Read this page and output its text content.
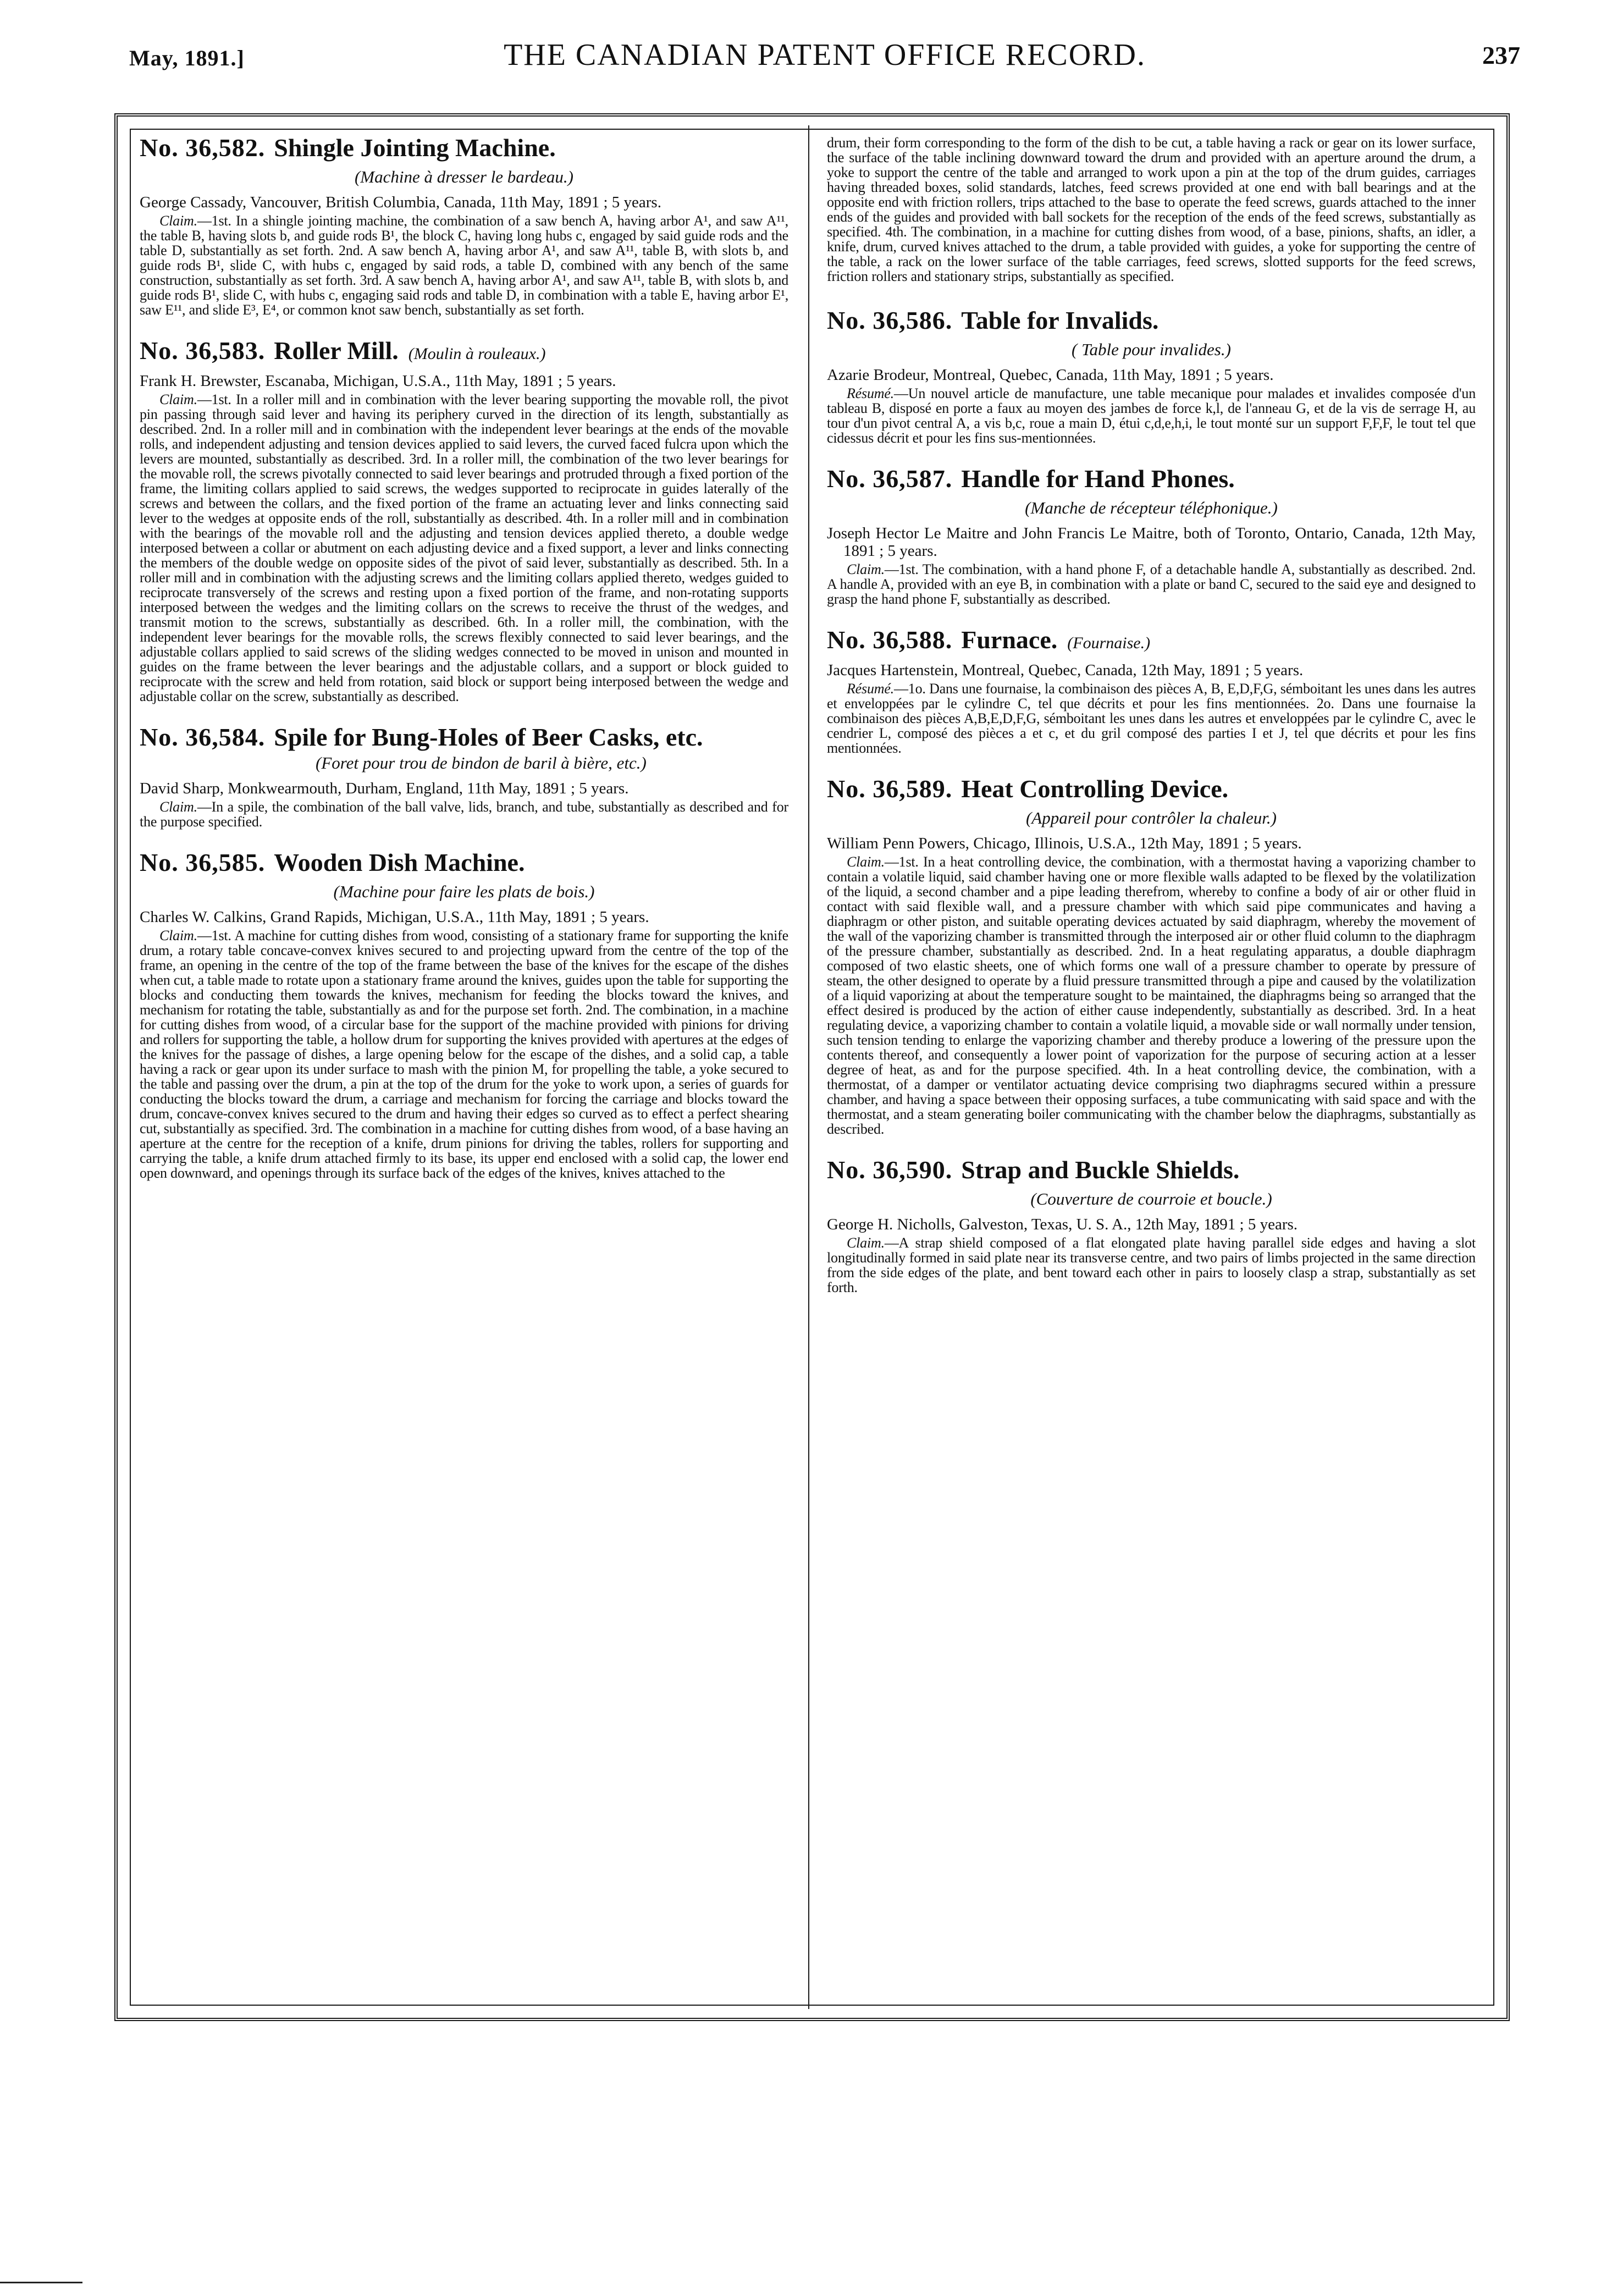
May, 1891.]	THE CANADIAN PATENT OFFICE RECORD.	237

No. 36,582. Shingle Jointing Machine.

(Machine à dresser le bardeau.)

George Cassady, Vancouver, British Columbia, Canada, 11th May, 1891 ; 5 years.

Claim.—1st. In a shingle jointing machine, the combination of a saw bench A, having arbor A¹, and saw A¹¹, the table B, having slots b, and guide rods B¹, the block C, having long hubs c, engaged by said guide rods and the table D, substantially as set forth. 2nd. A saw bench A, having arbor A¹, and saw A¹¹, table B, with slots b, and guide rods B¹, slide C, with hubs c, engaged by said rods, a table D, combined with any bench of the same construction, substantially as set forth. 3rd. A saw bench A, having arbor A¹, and saw A¹¹, table B, with slots b, and guide rods B¹, slide C, with hubs c, engaging said rods and table D, in combination with a table E, having arbor E¹, saw E¹¹, and slide E³, E⁴, or common knot saw bench, substantially as set forth.

No. 36,583. Roller Mill. (Moulin à rouleaux.)

Frank H. Brewster, Escanaba, Michigan, U.S.A., 11th May, 1891 ; 5 years.

Claim.—1st. In a roller mill and in combination with the lever bearing supporting the movable roll, the pivot pin passing through said lever and having its periphery curved in the direction of its length, substantially as described. 2nd. In a roller mill and in combination with the independent lever bearings at the ends of the movable rolls, and independent adjusting and tension devices applied to said levers, the curved faced fulcra upon which the levers are mounted, substantially as described. 3rd. In a roller mill, the combination of the two lever bearings for the movable roll, the screws pivotally connected to said lever bearings and protruded through a fixed portion of the frame, the limiting collars applied to said screws, the wedges supported to reciprocate in guides laterally of the screws and between the collars, and the fixed portion of the frame an actuating lever and links connecting said lever to the wedges at opposite ends of the roll, substantially as described. 4th. In a roller mill and in combination with the bearings of the movable roll and the adjusting and tension devices applied thereto, a double wedge interposed between a collar or abutment on each adjusting device and a fixed support, a lever and links connecting the members of the double wedge on opposite sides of the pivot of said lever, substantially as described. 5th. In a roller mill and in combination with the adjusting screws and the limiting collars applied thereto, wedges guided to reciprocate transversely of the screws and resting upon a fixed portion of the frame, and non-rotating supports interposed between the wedges and the limiting collars on the screws to receive the thrust of the wedges, and transmit motion to the screws, substantially as described. 6th. In a roller mill, the combination, with the independent lever bearings for the movable rolls, the screws flexibly connected to said lever bearings, and the adjustable collars applied to said screws of the sliding wedges connected to be moved in unison and mounted in guides on the frame between the lever bearings and the adjustable collars, and a support or block guided to reciprocate with the screw and held from rotation, said block or support being interposed between the wedge and adjustable collar on the screw, substantially as described.

No. 36,584. Spile for Bung-Holes of Beer Casks, etc.

(Foret pour trou de bindon de baril à bière, etc.)

David Sharp, Monkwearmouth, Durham, England, 11th May, 1891 ; 5 years.

Claim.—In a spile, the combination of the ball valve, lids, branch, and tube, substantially as described and for the purpose specified.

No. 36,585. Wooden Dish Machine.

(Machine pour faire les plats de bois.)

Charles W. Calkins, Grand Rapids, Michigan, U.S.A., 11th May, 1891 ; 5 years.

Claim.—1st. A machine for cutting dishes from wood, consisting of a stationary frame for supporting the knife drum, a rotary table concave-convex knives secured to and projecting upward from the centre of the top of the frame, an opening in the centre of the top of the frame between the base of the knives for the escape of the dishes when cut, a table made to rotate upon a stationary frame around the knives, guides upon the table for supporting the blocks and conducting them towards the knives, mechanism for feeding the blocks toward the knives, and mechanism for rotating the table, substantially as and for the purpose set forth. 2nd. The combination, in a machine for cutting dishes from wood, of a circular base for the support of the machine provided with pinions for driving and rollers for supporting the table, a hollow drum for supporting the knives provided with apertures at the edges of the knives for the passage of dishes, a large opening below for the escape of the dishes, and a solid cap, a table having a rack or gear upon its under surface to mash with the pinion M, for propelling the table, a yoke secured to the table and passing over the drum, a pin at the top of the drum for the yoke to work upon, a series of guards for conducting the blocks toward the drum, a carriage and mechanism for forcing the carriage and blocks toward the drum, concave-convex knives secured to the drum and having their edges so curved as to effect a perfect shearing cut, substantially as specified. 3rd. The combination in a machine for cutting dishes from wood, of a base having an aperture at the centre for the reception of a knife, drum pinions for driving the tables, rollers for supporting and carrying the table, a knife drum attached firmly to its base, its upper end enclosed with a solid cap, the lower end open downward, and openings through its surface back of the edges of the knives, knives attached to the

drum, their form corresponding to the form of the dish to be cut, a table having a rack or gear on its lower surface, the surface of the table inclining downward toward the drum and provided with an aperture around the drum, a yoke to support the centre of the table and arranged to work upon a pin at the top of the drum guides, carriages having threaded boxes, solid standards, latches, feed screws provided at one end with ball bearings and at the opposite end with friction rollers, trips attached to the base to operate the feed screws, guards attached to the inner ends of the guides and provided with ball sockets for the reception of the ends of the feed screws, substantially as specified. 4th. The combination, in a machine for cutting dishes from wood, of a base, pinions, shafts, an idler, a knife, drum, curved knives attached to the drum, a table provided with guides, a yoke for supporting the centre of the table, a rack on the lower surface of the table carriages, feed screws, slotted supports for the feed screws, friction rollers and stationary strips, substantially as specified.

No. 36,586. Table for Invalids.

( Table pour invalides.)

Azarie Brodeur, Montreal, Quebec, Canada, 11th May, 1891 ; 5 years.

Résumé.—Un nouvel article de manufacture, une table mecanique pour malades et invalides composée d'un tableau B, disposé en porte a faux au moyen des jambes de force k,l, de l'anneau G, et de la vis de serrage H, au tour d'un pivot central A, a vis b,c, roue a main D, étui c,d,e,h,i, le tout monté sur un support F,F,F, le tout tel que cidessus décrit et pour les fins sus-mentionnées.

No. 36,587. Handle for Hand Phones.

(Manche de récepteur téléphonique.)

Joseph Hector Le Maitre and John Francis Le Maitre, both of Toronto, Ontario, Canada, 12th May, 1891 ; 5 years.

Claim.—1st. The combination, with a hand phone F, of a detachable handle A, substantially as described. 2nd. A handle A, provided with an eye B, in combination with a plate or band C, secured to the said eye and designed to grasp the hand phone F, substantially as described.

No. 36,588. Furnace. (Fournaise.)

Jacques Hartenstein, Montreal, Quebec, Canada, 12th May, 1891 ; 5 years.

Résumé.—1o. Dans une fournaise, la combinaison des pièces A, B, E,D,F,G, sémboitant les unes dans les autres et enveloppées par le cylindre C, tel que décrits et pour les fins mentionnées. 2o. Dans une fournaise la combinaison des pièces A,B,E,D,F,G, sémboitant les unes dans les autres et enveloppées par le cylindre C, avec le cendrier L, composé des pièces a et c, et du gril composé des parties I et J, tel que décrits et pour les fins mentionnées.

No. 36,589. Heat Controlling Device.

(Appareil pour contrôler la chaleur.)

William Penn Powers, Chicago, Illinois, U.S.A., 12th May, 1891 ; 5 years.

Claim.—1st. In a heat controlling device, the combination, with a thermostat having a vaporizing chamber to contain a volatile liquid, said chamber having one or more flexible walls adapted to be flexed by the volatilization of the liquid, a second chamber and a pipe leading therefrom, whereby to confine a body of air or other fluid in contact with said flexible wall, and a pressure chamber with which said pipe communicates and having a diaphragm or other piston, and suitable operating devices actuated by said diaphragm, whereby the movement of the wall of the vaporizing chamber is transmitted through the interposed air or other fluid column to the diaphragm of the pressure chamber, substantially as described. 2nd. In a heat regulating apparatus, a double diaphragm composed of two elastic sheets, one of which forms one wall of a pressure chamber to operate by pressure of steam, the other designed to operate by a fluid pressure transmitted through a pipe and caused by the volatilization of a liquid vaporizing at about the temperature sought to be maintained, the diaphragms being so arranged that the effect desired is produced by the action of either cause independently, substantially as described. 3rd. In a heat regulating device, a vaporizing chamber to contain a volatile liquid, a movable side or wall normally under tension, such tension tending to enlarge the vaporizing chamber and thereby produce a lowering of the pressure upon the contents thereof, and consequently a lower point of vaporization for the purpose of securing action at a lesser degree of heat, as and for the purpose specified. 4th. In a heat controlling device, the combination, with a thermostat, of a damper or ventilator actuating device comprising two diaphragms secured within a pressure chamber, and having a space between their opposing surfaces, a tube communicating with said space and with the thermostat, and a steam generating boiler communicating with the chamber below the diaphragms, substantially as described.

No. 36,590. Strap and Buckle Shields.

(Couverture de courroie et boucle.)

George H. Nicholls, Galveston, Texas, U. S. A., 12th May, 1891 ; 5 years.

Claim.—A strap shield composed of a flat elongated plate having parallel side edges and having a slot longitudinally formed in said plate near its transverse centre, and two pairs of limbs projected in the same direction from the side edges of the plate, and bent toward each other in pairs to loosely clasp a strap, substantially as set forth.
